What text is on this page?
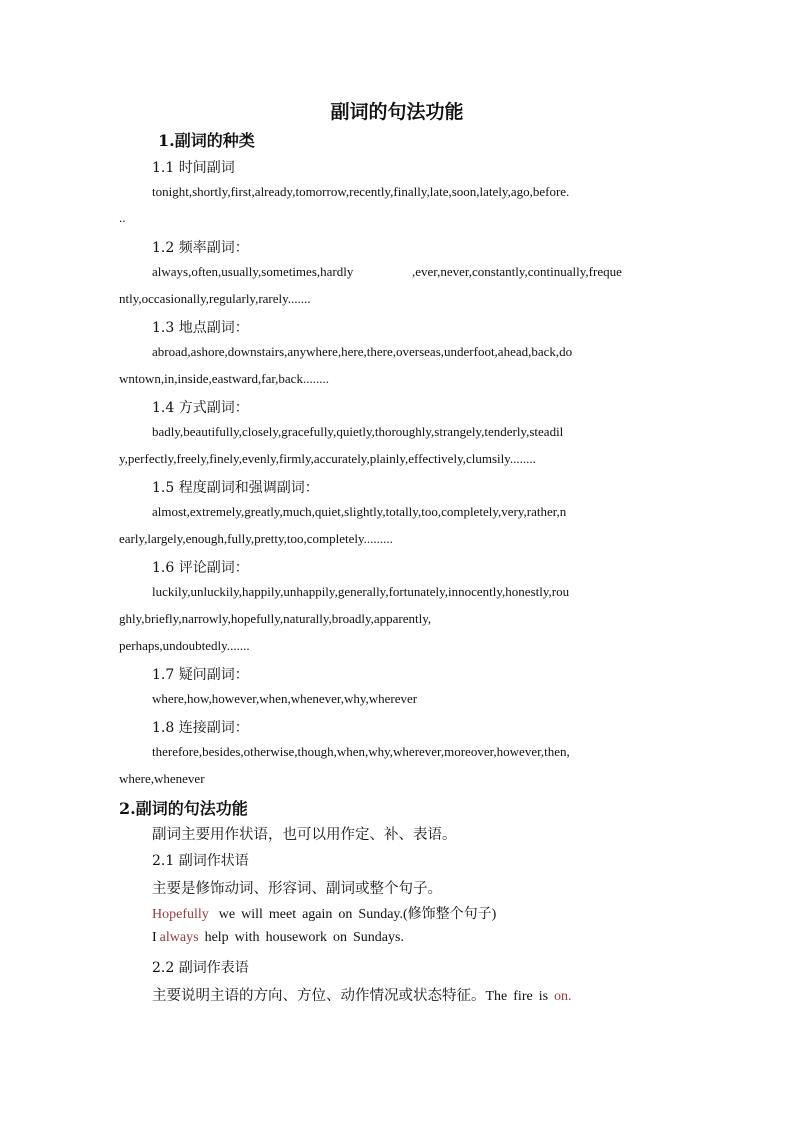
副词的句法功能
1.副词的种类
1.1 时间副词
tonight,shortly,first,already,tomorrow,recently,finally,late,soon,lately,ago,before.
..
1.2 频率副词：
always,often,usually,sometimes,hardly	,ever,never,constantly,continually,freque
ntly,occasionally,regularly,rarely.......
1.3 地点副词：
abroad,ashore,downstairs,anywhere,here,there,overseas,underfoot,ahead,back,do
wntown,in,inside,eastward,far,back........
1.4 方式副词：
badly,beautifully,closely,gracefully,quietly,thoroughly,strangely,tenderly,steadil
y,perfectly,freely,finely,evenly,firmly,accurately,plainly,effectively,clumsily........
1.5 程度副词和强调副词：
almost,extremely,greatly,much,quiet,slightly,totally,too,completely,very,rather,n
early,largely,enough,fully,pretty,too,completely.........
1.6 评论副词：
luckily,unluckily,happily,unhappily,generally,fortunately,innocently,honestly,rou
ghly,briefly,narrowly,hopefully,naturally,broadly,apparently,
perhaps,undoubtedly.......
1.7 疑问副词：
where,how,however,when,whenever,why,wherever
1.8 连接副词：
therefore,besides,otherwise,though,when,why,wherever,moreover,however,then,
where,whenever
2.副词的句法功能
副词主要用作状语，也可以用作定、补、表语。
2.1 副词作状语
主要是修饰动词、形容词、副词或整个句子。
Hopefully we will meet again on Sunday.(修饰整个句子)
I always help with housework on Sundays.
2.2 副词作表语
主要说明主语的方向、方位、动作情况或状态特征。The fire is on.
